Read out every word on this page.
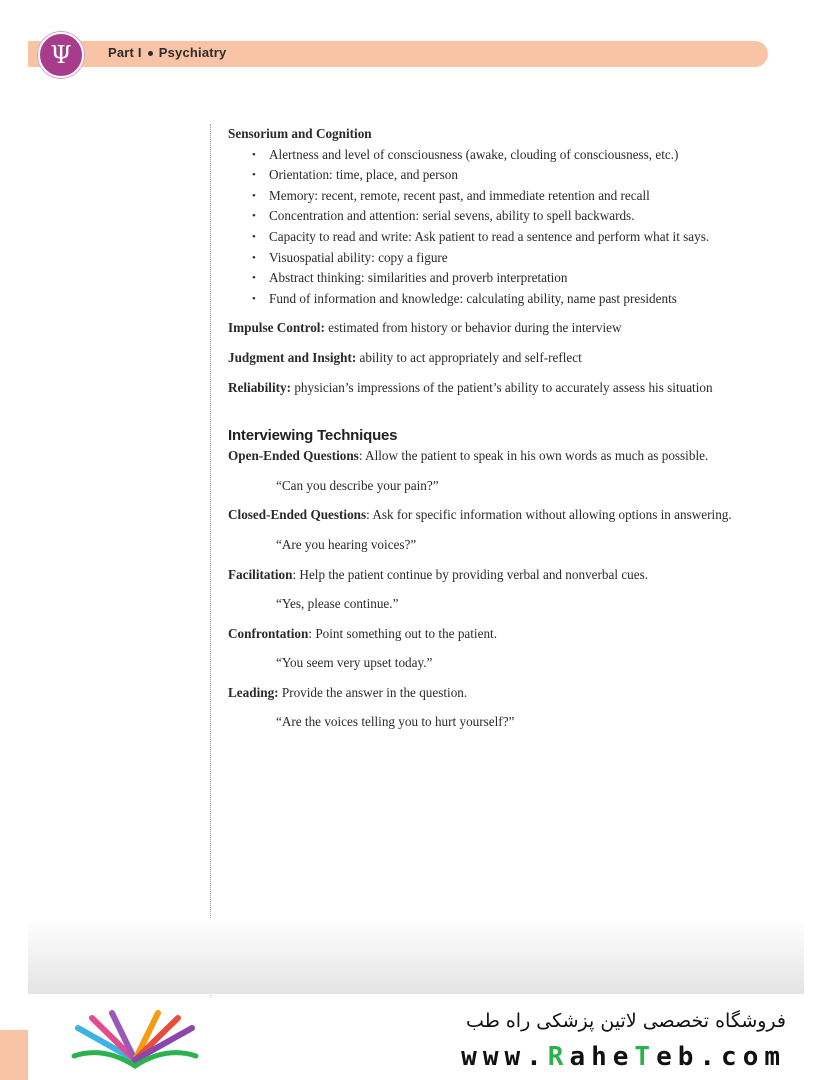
Ψ	Part I Psychiatry

Sensorium and Cognition

• Alertness and level of consciousness (awake, clouding of consciousness, etc.)
• Orientation: time, place, and person
• Memory: recent, remote, recent past, and immediate retention and recall
• Concentration and attention: serial sevens, ability to spell backwards.
• Capacity to read and write: Ask patient to read a sentence and perform what it says.
• Visuospatial ability: copy a figure
• Abstract thinking: similarities and proverb interpretation
• Fund of information and knowledge: calculating ability, name past presidents

Impulse Control: estimated from history or behavior during the interview

Judgment and Insight: ability to act appropriately and self-reflect

Reliability: physician’s impressions of the patient’s ability to accurately assess his situation

Interviewing Techniques

Open-Ended Questions: Allow the patient to speak in his own words as much as possible.

“Can you describe your pain?”

Closed-Ended Questions: Ask for specific information without allowing options in answering.

“Are you hearing voices?”

Facilitation: Help the patient continue by providing verbal and nonverbal cues.

“Yes, please continue.”

Confrontation: Point something out to the patient.

“You seem very upset today.”

Leading: Provide the answer in the question.

“Are the voices telling you to hurt yourself?”

فروشگاه تخصصی لاتین پزشکی راه طب
www.RaheTeb.com
